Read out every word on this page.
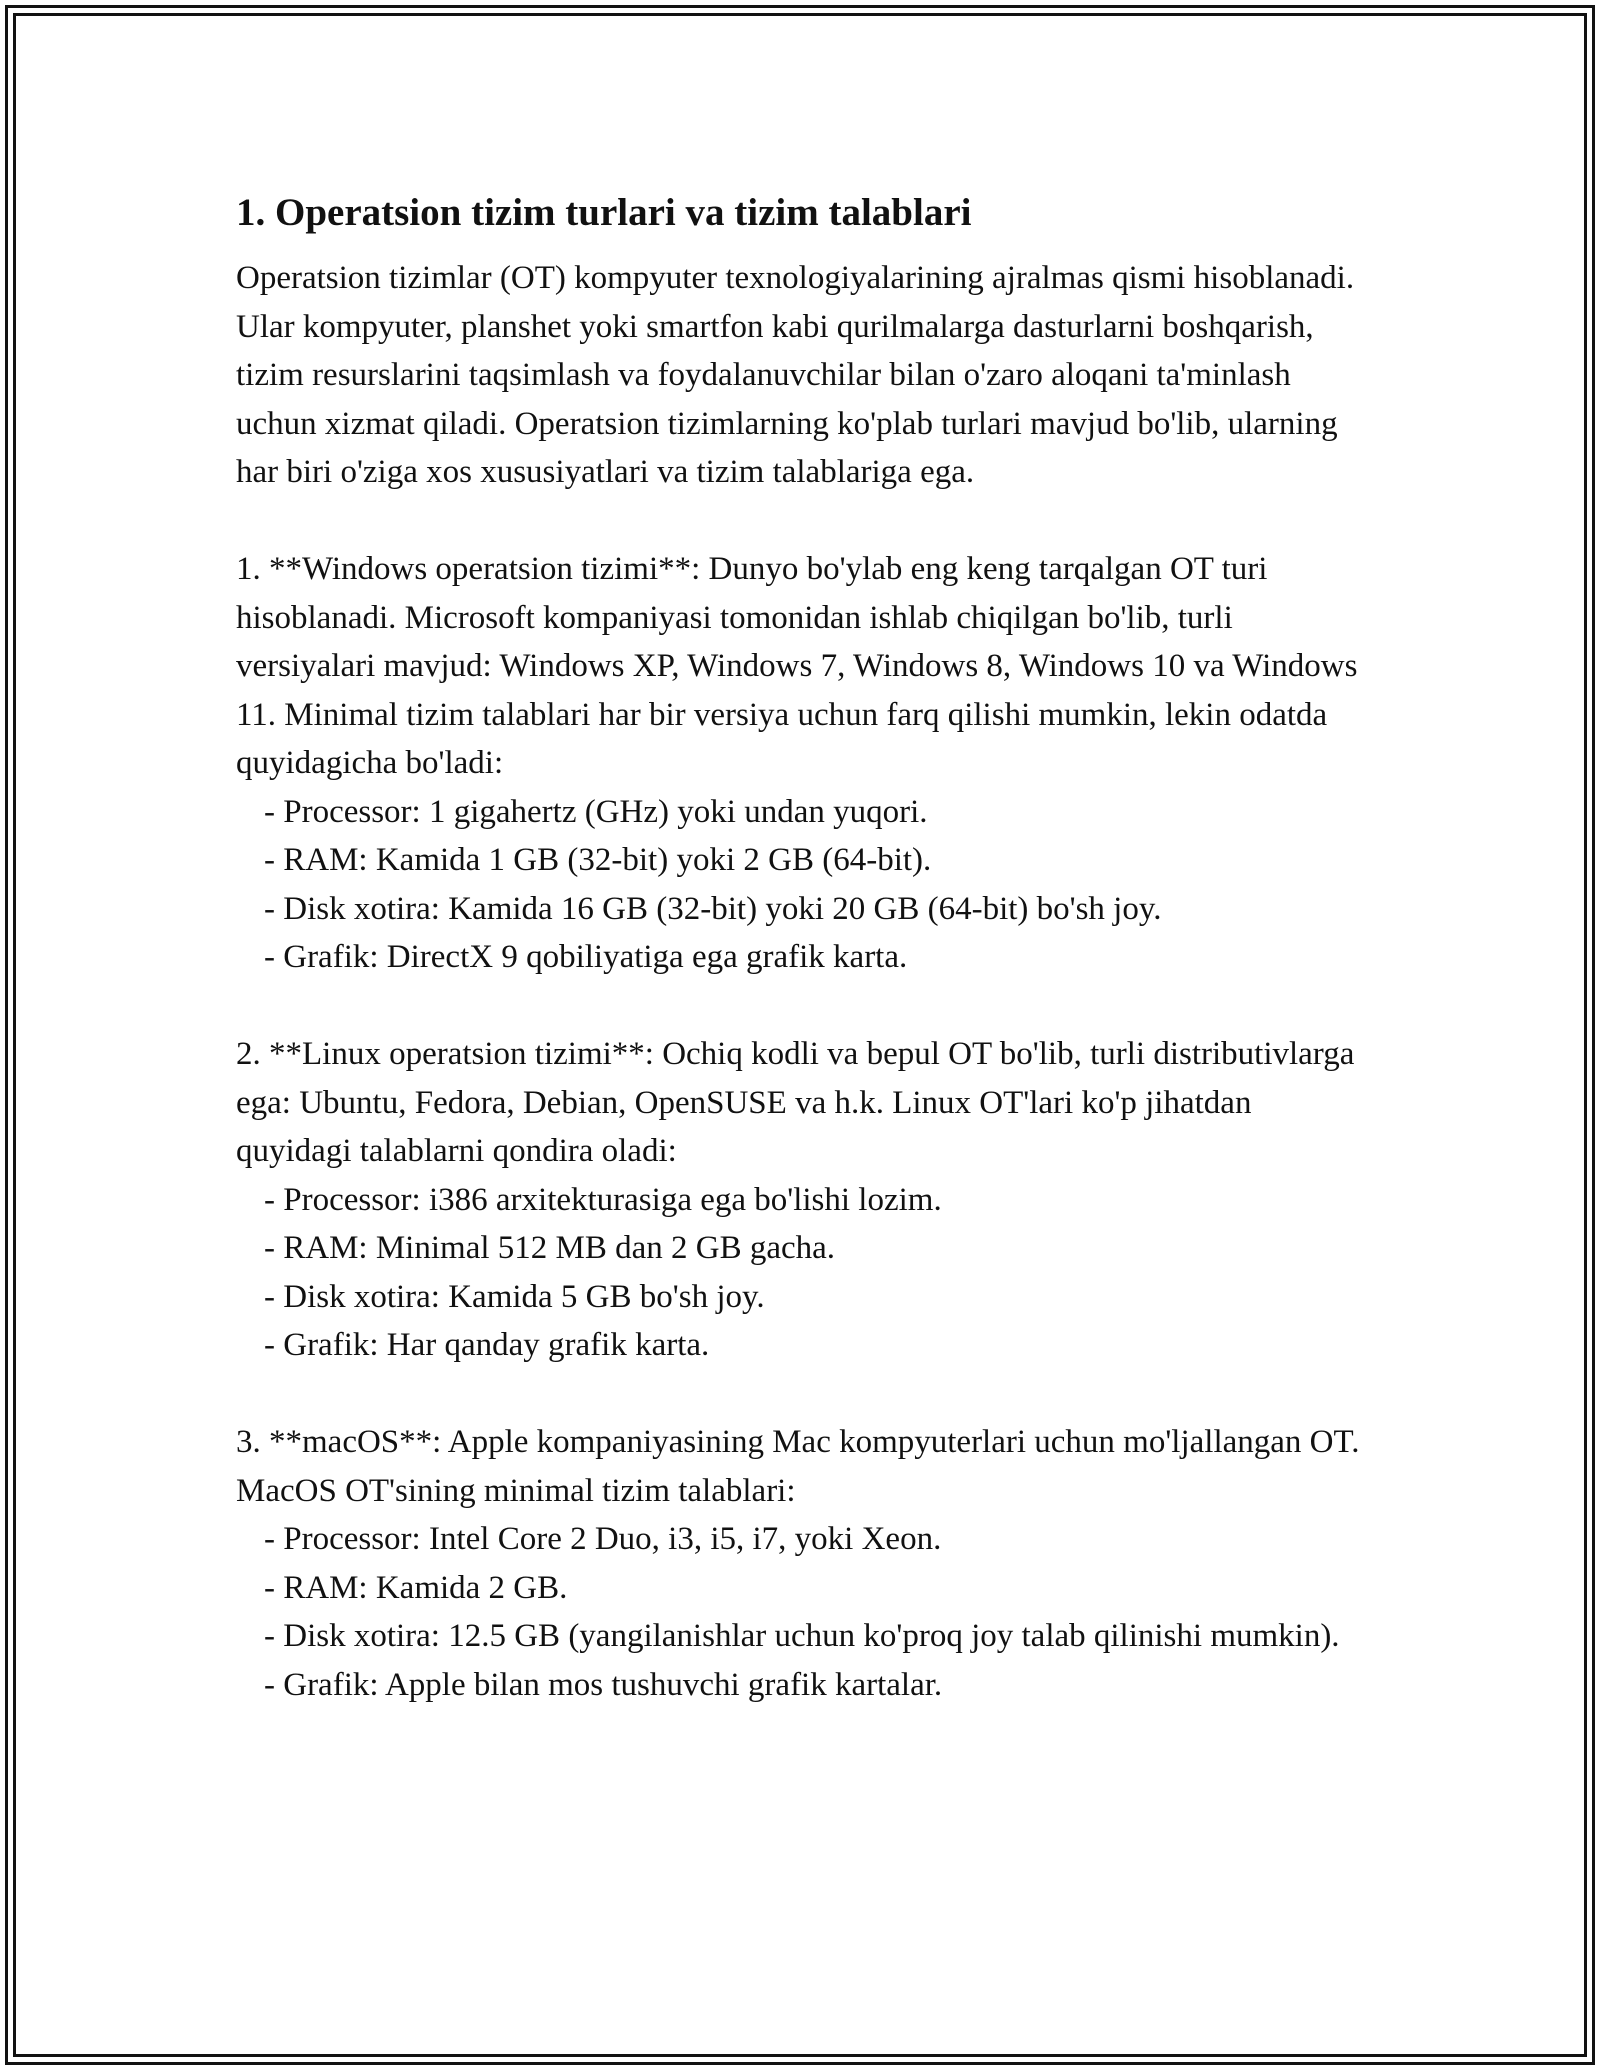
1. Operatsion tizim turlari va tizim talablari

Operatsion tizimlar (OT) kompyuter texnologiyalarining ajralmas qismi hisoblanadi. Ular kompyuter, planshet yoki smartfon kabi qurilmalarga dasturlarni boshqarish, tizim resurslarini taqsimlash va foydalanuvchilar bilan o'zaro aloqani ta'minlash uchun xizmat qiladi. Operatsion tizimlarning ko'plab turlari mavjud bo'lib, ularning har biri o'ziga xos xususiyatlari va tizim talablariga ega.

1. **Windows operatsion tizimi**: Dunyo bo'ylab eng keng tarqalgan OT turi hisoblanadi. Microsoft kompaniyasi tomonidan ishlab chiqilgan bo'lib, turli versiyalari mavjud: Windows XP, Windows 7, Windows 8, Windows 10 va Windows 11. Minimal tizim talablari har bir versiya uchun farq qilishi mumkin, lekin odatda quyidagicha bo'ladi:

- Processor: 1 gigahertz (GHz) yoki undan yuqori.

- RAM: Kamida 1 GB (32-bit) yoki 2 GB (64-bit).

- Disk xotira: Kamida 16 GB (32-bit) yoki 20 GB (64-bit) bo'sh joy.

- Grafik: DirectX 9 qobiliyatiga ega grafik karta.

2. **Linux operatsion tizimi**: Ochiq kodli va bepul OT bo'lib, turli distributivlarga ega: Ubuntu, Fedora, Debian, OpenSUSE va h.k. Linux OT'lari ko'p jihatdan quyidagi talablarni qondira oladi:

- Processor: i386 arxitekturasiga ega bo'lishi lozim.

- RAM: Minimal 512 MB dan 2 GB gacha.

- Disk xotira: Kamida 5 GB bo'sh joy.

- Grafik: Har qanday grafik karta.

3. **macOS**: Apple kompaniyasining Mac kompyuterlari uchun mo'ljallangan OT. MacOS OT'sining minimal tizim talablari:

- Processor: Intel Core 2 Duo, i3, i5, i7, yoki Xeon.

- RAM: Kamida 2 GB.

- Disk xotira: 12.5 GB (yangilanishlar uchun ko'proq joy talab qilinishi mumkin).

- Grafik: Apple bilan mos tushuvchi grafik kartalar.
